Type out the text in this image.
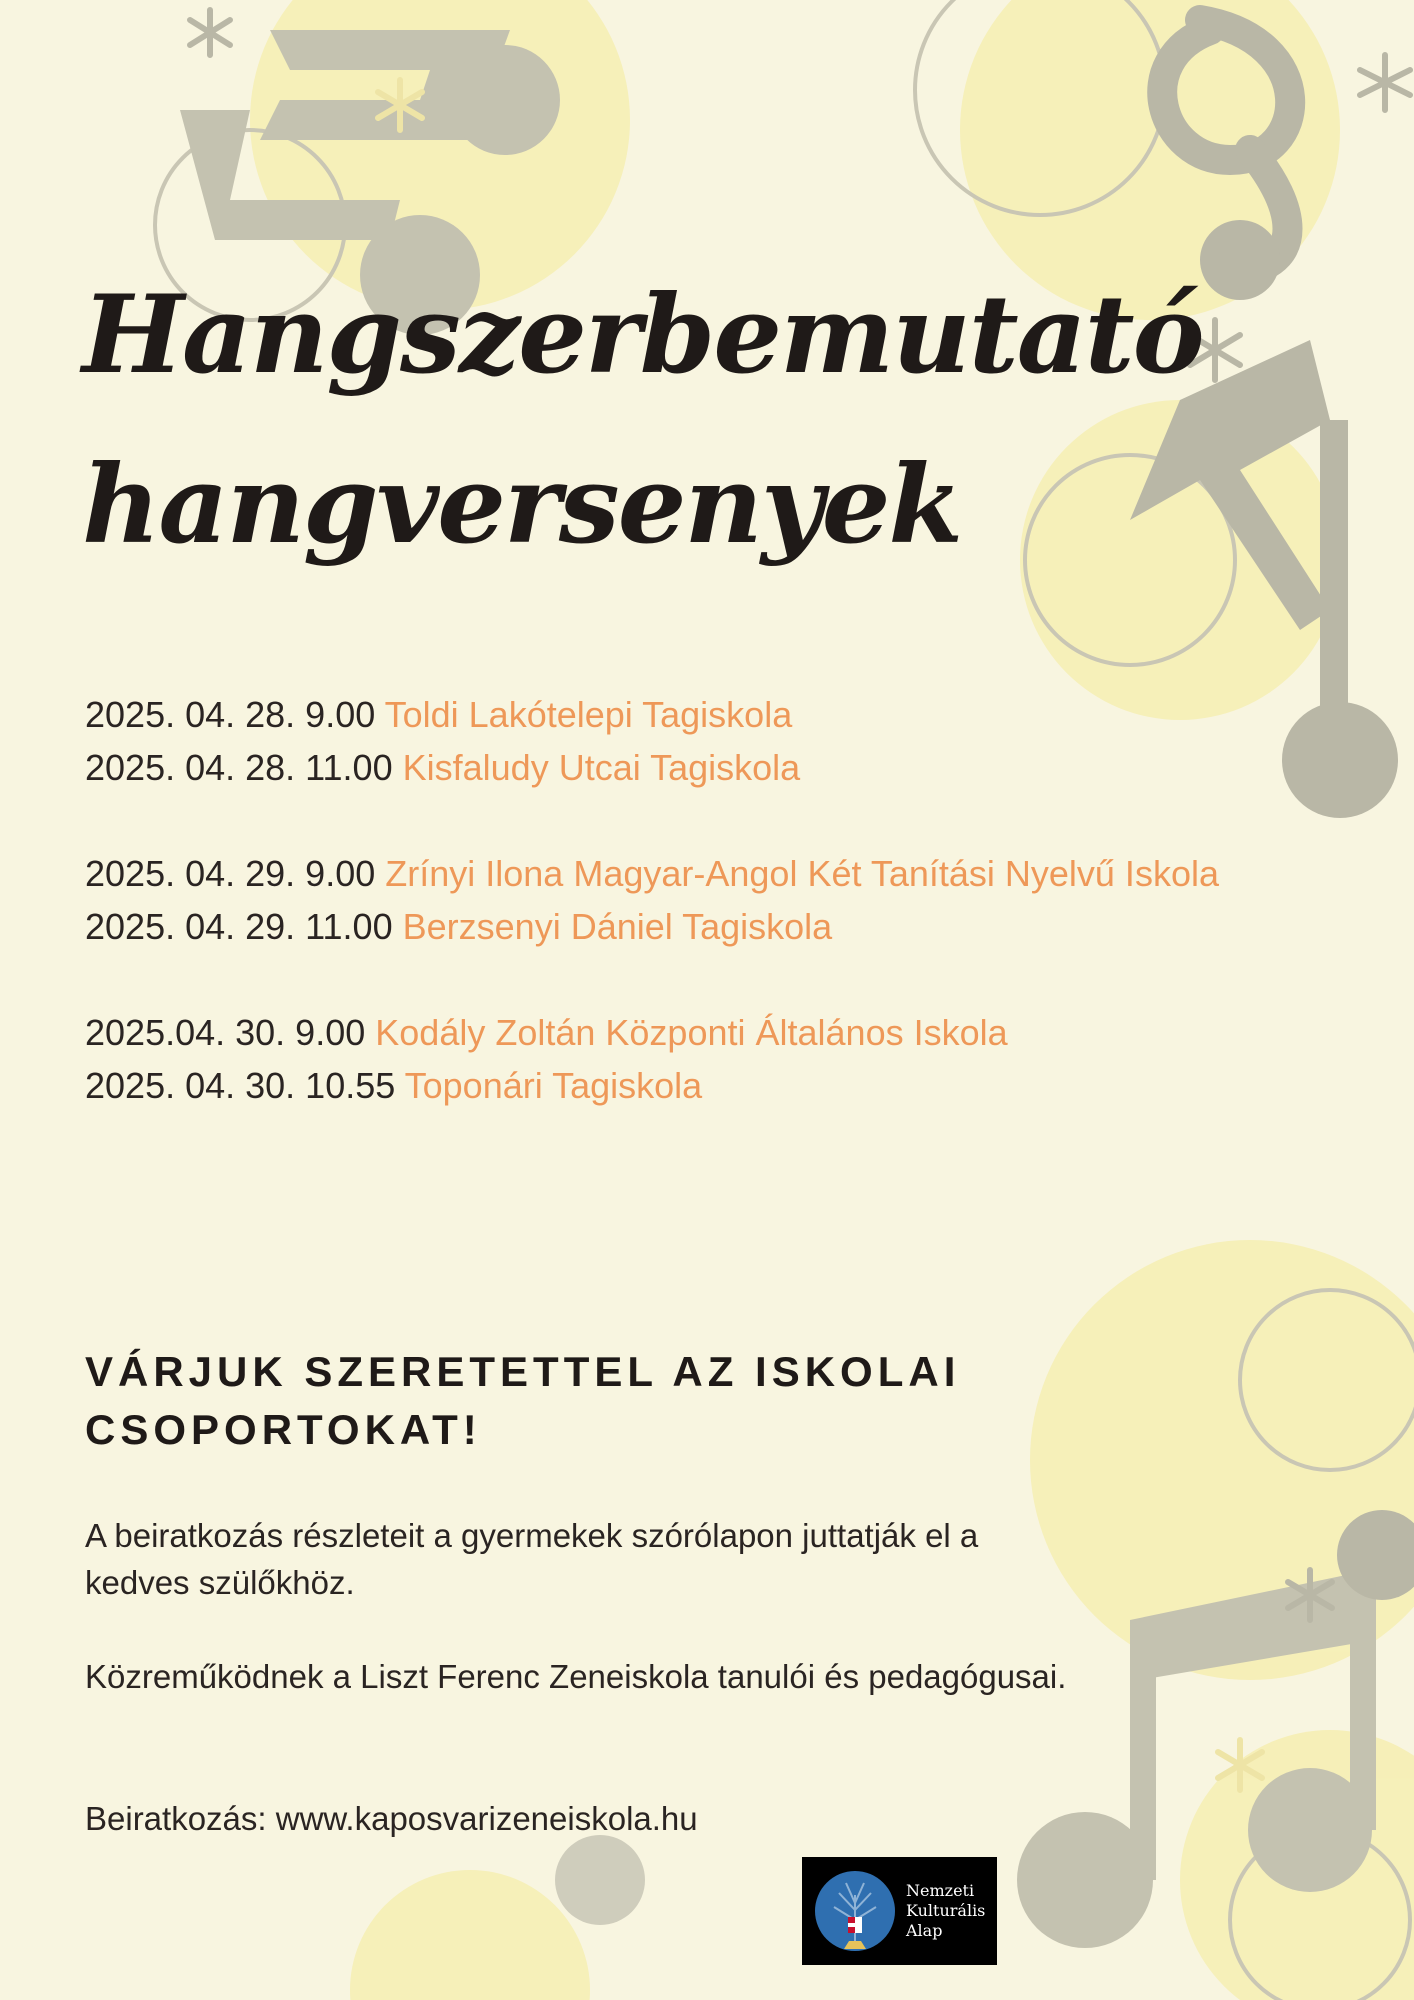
Hangszerbemutató
hangversenyek
2025. 04. 28. 9.00 Toldi Lakótelepi Tagiskola
2025. 04. 28. 11.00 Kisfaludy Utcai Tagiskola
2025. 04. 29. 9.00 Zrínyi Ilona Magyar-Angol Két Tanítási Nyelvű Iskola
2025. 04. 29. 11.00 Berzsenyi Dániel Tagiskola
2025.04. 30. 9.00 Kodály Zoltán Központi Általános Iskola
2025. 04. 30. 10.55 Toponári Tagiskola
VÁRJUK SZERETETTEL AZ ISKOLAI
CSOPORTOKAT!

A beiratkozás részleteit a gyermekek szórólapon juttatják el a kedves szülőkhöz.

Közreműködnek a Liszt Ferenc Zeneiskola tanulói és pedagógusai.

Beiratkozás: www.kaposvarizeneiskola.hu

Nemzeti
Kulturális
Alap
